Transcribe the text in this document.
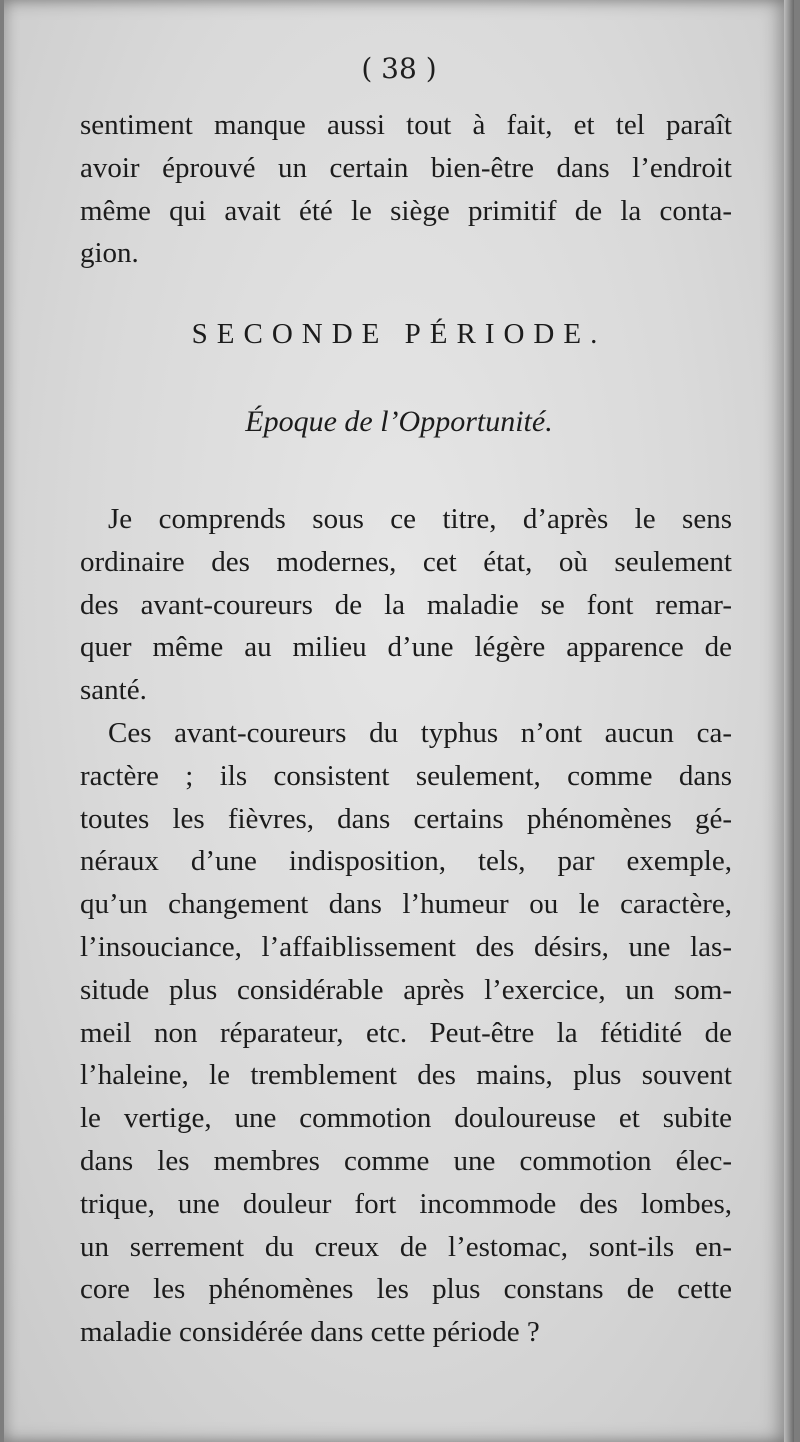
( 38 )
sentiment manque aussi tout à fait, et tel paraît
avoir éprouvé un certain bien-être dans l’endroit
même qui avait été le siège primitif de la conta-
gion.
SECONDE PÉRIODE.
Époque de l’Opportunité.
Je comprends sous ce titre, d’après le sens
ordinaire des modernes, cet état, où seulement
des avant-coureurs de la maladie se font remar-
quer même au milieu d’une légère apparence de
santé.
Ces avant-coureurs du typhus n’ont aucun ca-
ractère ; ils consistent seulement, comme dans
toutes les fièvres, dans certains phénomènes gé-
néraux d’une indisposition, tels, par exemple,
qu’un changement dans l’humeur ou le caractère,
l’insouciance, l’affaiblissement des désirs, une las-
situde plus considérable après l’exercice, un som-
meil non réparateur, etc. Peut-être la fétidité de
l’haleine, le tremblement des mains, plus souvent
le vertige, une commotion douloureuse et subite
dans les membres comme une commotion élec-
trique, une douleur fort incommode des lombes,
un serrement du creux de l’estomac, sont-ils en-
core les phénomènes les plus constans de cette
maladie considérée dans cette période ?
